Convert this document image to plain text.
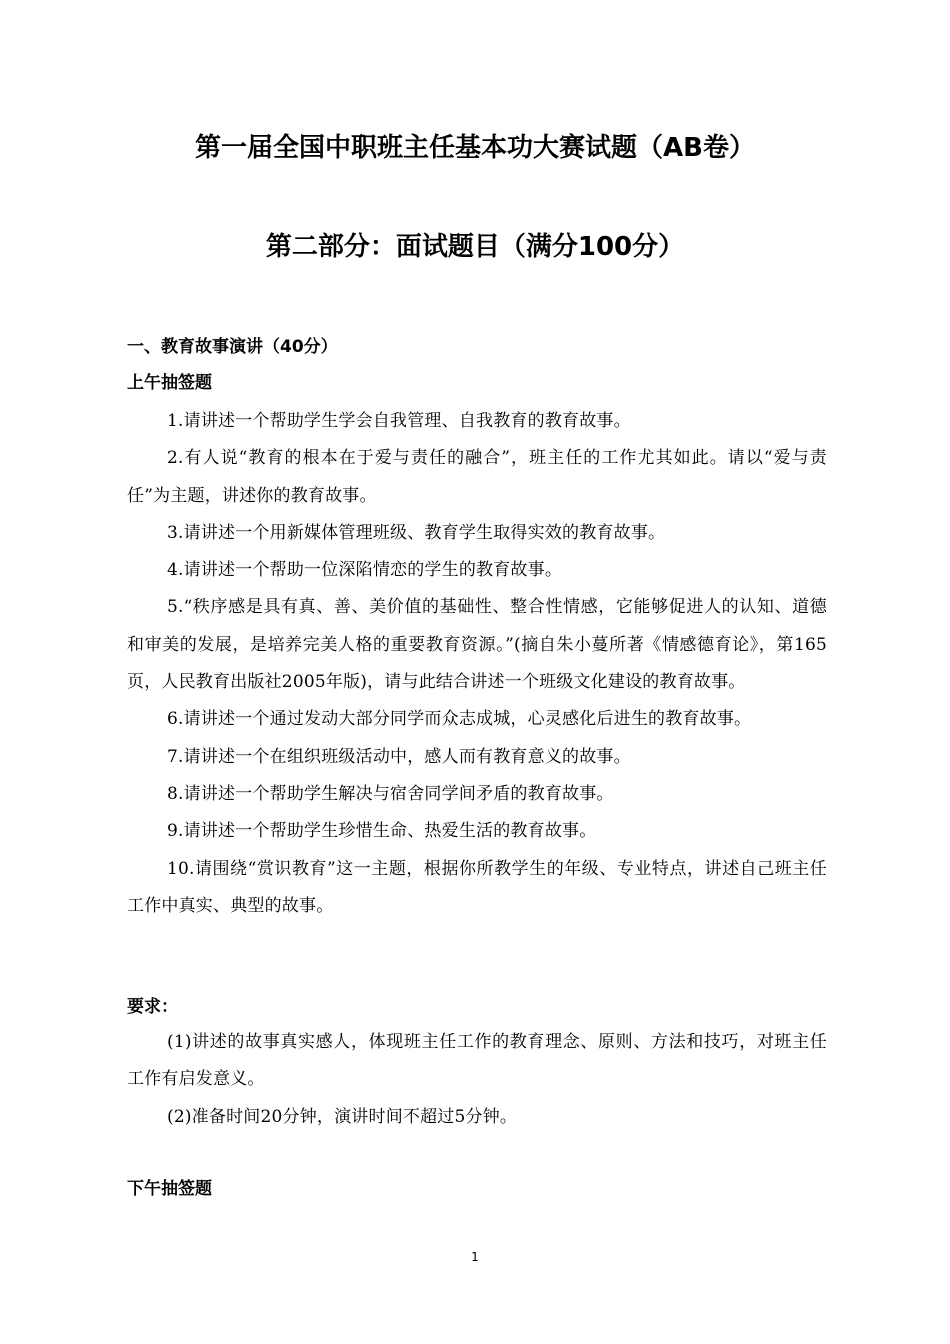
第一届全国中职班主任基本功大赛试题（AB卷）
第二部分：面试题目（满分100分）
一、教育故事演讲（40分）
上午抽签题

1.请讲述一个帮助学生学会自我管理、自我教育的教育故事。

2.有人说“教育的根本在于爱与责任的融合”，班主任的工作尤其如此。请以“爱与责任”为主题，讲述你的教育故事。

3.请讲述一个用新媒体管理班级、教育学生取得实效的教育故事。

4.请讲述一个帮助一位深陷情恋的学生的教育故事。

5.“秩序感是具有真、善、美价值的基础性、整合性情感，它能够促进人的认知、道德和审美的发展，是培养完美人格的重要教育资源。”(摘自朱小蔓所著《情感德育论》，第165页，人民教育出版社2005年版)，请与此结合讲述一个班级文化建设的教育故事。

6.请讲述一个通过发动大部分同学而众志成城，心灵感化后进生的教育故事。

7.请讲述一个在组织班级活动中，感人而有教育意义的故事。

8.请讲述一个帮助学生解决与宿舍同学间矛盾的教育故事。

9.请讲述一个帮助学生珍惜生命、热爱生活的教育故事。

10.请围绕“赏识教育”这一主题，根据你所教学生的年级、专业特点，讲述自己班主任工作中真实、典型的故事。

要求：

(1)讲述的故事真实感人，体现班主任工作的教育理念、原则、方法和技巧，对班主任工作有启发意义。

(2)准备时间20分钟，演讲时间不超过5分钟。

下午抽签题
1
